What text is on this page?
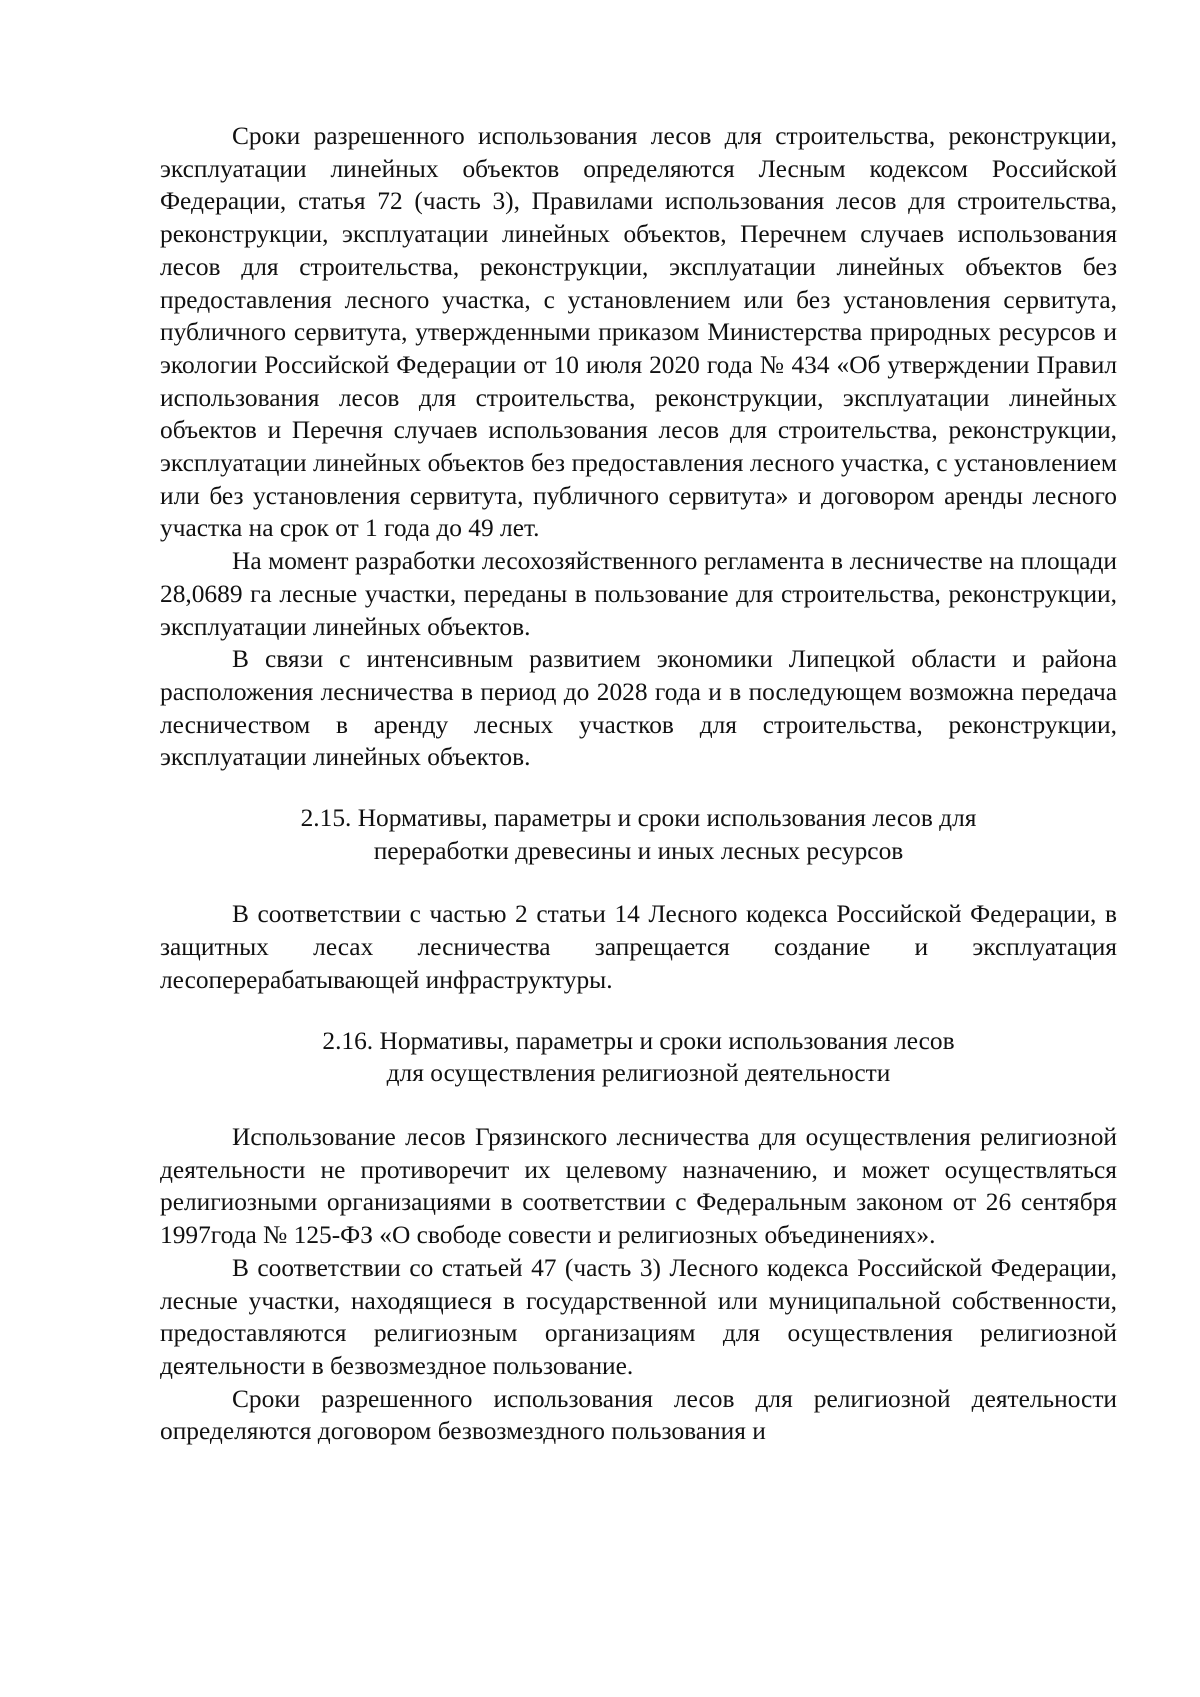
Сроки разрешенного использования лесов для строительства, реконструкции, эксплуатации линейных объектов определяются Лесным кодексом Российской Федерации, статья 72 (часть 3), Правилами использования лесов для строительства, реконструкции, эксплуатации линейных объектов, Перечнем случаев использования лесов для строительства, реконструкции, эксплуатации линейных объектов без предоставления лесного участка, с установлением или без установления сервитута, публичного сервитута, утвержденными приказом Министерства природных ресурсов и экологии Российской Федерации от 10 июля 2020 года № 434 «Об утверждении Правил использования лесов для строительства, реконструкции, эксплуатации линейных объектов и Перечня случаев использования лесов для строительства, реконструкции, эксплуатации линейных объектов без предоставления лесного участка, с установлением или без установления сервитута, публичного сервитута» и договором аренды лесного участка на срок от 1 года до 49 лет.

На момент разработки лесохозяйственного регламента в лесничестве на площади 28,0689 га лесные участки, переданы в пользование для строительства, реконструкции, эксплуатации линейных объектов.

В связи с интенсивным развитием экономики Липецкой области и района расположения лесничества в период до 2028 года и в последующем возможна передача лесничеством в аренду лесных участков для строительства, реконструкции, эксплуатации линейных объектов.

2.15. Нормативы, параметры и сроки использования лесов для

переработки древесины и иных лесных ресурсов

В соответствии с частью 2 статьи 14 Лесного кодекса Российской Федерации, в защитных лесах лесничества запрещается создание и эксплуатация лесоперерабатывающей инфраструктуры.

2.16. Нормативы, параметры и сроки использования лесов

для осуществления религиозной деятельности

Использование лесов Грязинского лесничества для осуществления религиозной деятельности не противоречит их целевому назначению, и может осуществляться религиозными организациями в соответствии с Федеральным законом от 26 сентября 1997года № 125-ФЗ «О свободе совести и религиозных объединениях».

В соответствии со статьей 47 (часть 3) Лесного кодекса Российской Федерации, лесные участки, находящиеся в государственной или муниципальной собственности, предоставляются религиозным организациям для осуществления религиозной деятельности в безвозмездное пользование.

Сроки разрешенного использования лесов для религиозной деятельности определяются договором безвозмездного пользования и
